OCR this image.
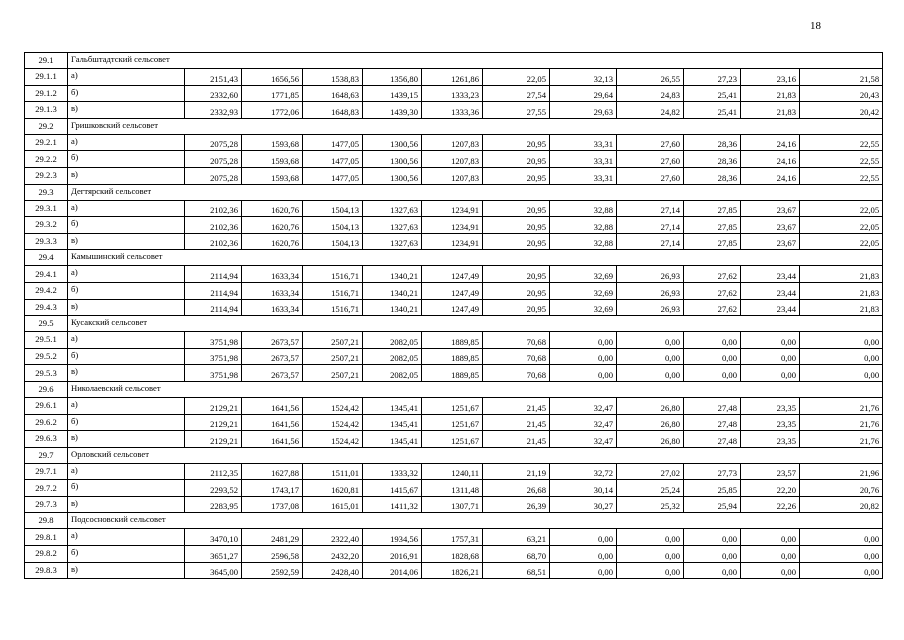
18
29.1	Гальбштадтский сельсовет											
29.1.1	а)	2151,43	1656,56	1538,83	1356,80	1261,86	22,05	32,13	26,55	27,23	23,16	21,58
29.1.2	б)	2332,60	1771,85	1648,63	1439,15	1333,23	27,54	29,64	24,83	25,41	21,83	20,43
29.1.3	в)	2332,93	1772,06	1648,83	1439,30	1333,36	27,55	29,63	24,82	25,41	21,83	20,42
29.2	Гришковский сельсовет											
29.2.1	а)	2075,28	1593,68	1477,05	1300,56	1207,83	20,95	33,31	27,60	28,36	24,16	22,55
29.2.2	б)	2075,28	1593,68	1477,05	1300,56	1207,83	20,95	33,31	27,60	28,36	24,16	22,55
29.2.3	в)	2075,28	1593,68	1477,05	1300,56	1207,83	20,95	33,31	27,60	28,36	24,16	22,55
29.3	Дегтярский сельсовет											
29.3.1	а)	2102,36	1620,76	1504,13	1327,63	1234,91	20,95	32,88	27,14	27,85	23,67	22,05
29.3.2	б)	2102,36	1620,76	1504,13	1327,63	1234,91	20,95	32,88	27,14	27,85	23,67	22,05
29.3.3	в)	2102,36	1620,76	1504,13	1327,63	1234,91	20,95	32,88	27,14	27,85	23,67	22,05
29.4	Камышинский сельсовет											
29.4.1	а)	2114,94	1633,34	1516,71	1340,21	1247,49	20,95	32,69	26,93	27,62	23,44	21,83
29.4.2	б)	2114,94	1633,34	1516,71	1340,21	1247,49	20,95	32,69	26,93	27,62	23,44	21,83
29.4.3	в)	2114,94	1633,34	1516,71	1340,21	1247,49	20,95	32,69	26,93	27,62	23,44	21,83
29.5	Кусакский сельсовет											
29.5.1	а)	3751,98	2673,57	2507,21	2082,05	1889,85	70,68	0,00	0,00	0,00	0,00	0,00
29.5.2	б)	3751,98	2673,57	2507,21	2082,05	1889,85	70,68	0,00	0,00	0,00	0,00	0,00
29.5.3	в)	3751,98	2673,57	2507,21	2082,05	1889,85	70,68	0,00	0,00	0,00	0,00	0,00
29.6	Николаевский сельсовет											
29.6.1	а)	2129,21	1641,56	1524,42	1345,41	1251,67	21,45	32,47	26,80	27,48	23,35	21,76
29.6.2	б)	2129,21	1641,56	1524,42	1345,41	1251,67	21,45	32,47	26,80	27,48	23,35	21,76
29.6.3	в)	2129,21	1641,56	1524,42	1345,41	1251,67	21,45	32,47	26,80	27,48	23,35	21,76
29.7	Орловский сельсовет											
29.7.1	а)	2112,35	1627,88	1511,01	1333,32	1240,11	21,19	32,72	27,02	27,73	23,57	21,96
29.7.2	б)	2293,52	1743,17	1620,81	1415,67	1311,48	26,68	30,14	25,24	25,85	22,20	20,76
29.7.3	в)	2283,95	1737,08	1615,01	1411,32	1307,71	26,39	30,27	25,32	25,94	22,26	20,82
29.8	Подсосновский сельсовет											
29.8.1	а)	3470,10	2481,29	2322,40	1934,56	1757,31	63,21	0,00	0,00	0,00	0,00	0,00
29.8.2	б)	3651,27	2596,58	2432,20	2016,91	1828,68	68,70	0,00	0,00	0,00	0,00	0,00
29.8.3	в)	3645,00	2592,59	2428,40	2014,06	1826,21	68,51	0,00	0,00	0,00	0,00	0,00
